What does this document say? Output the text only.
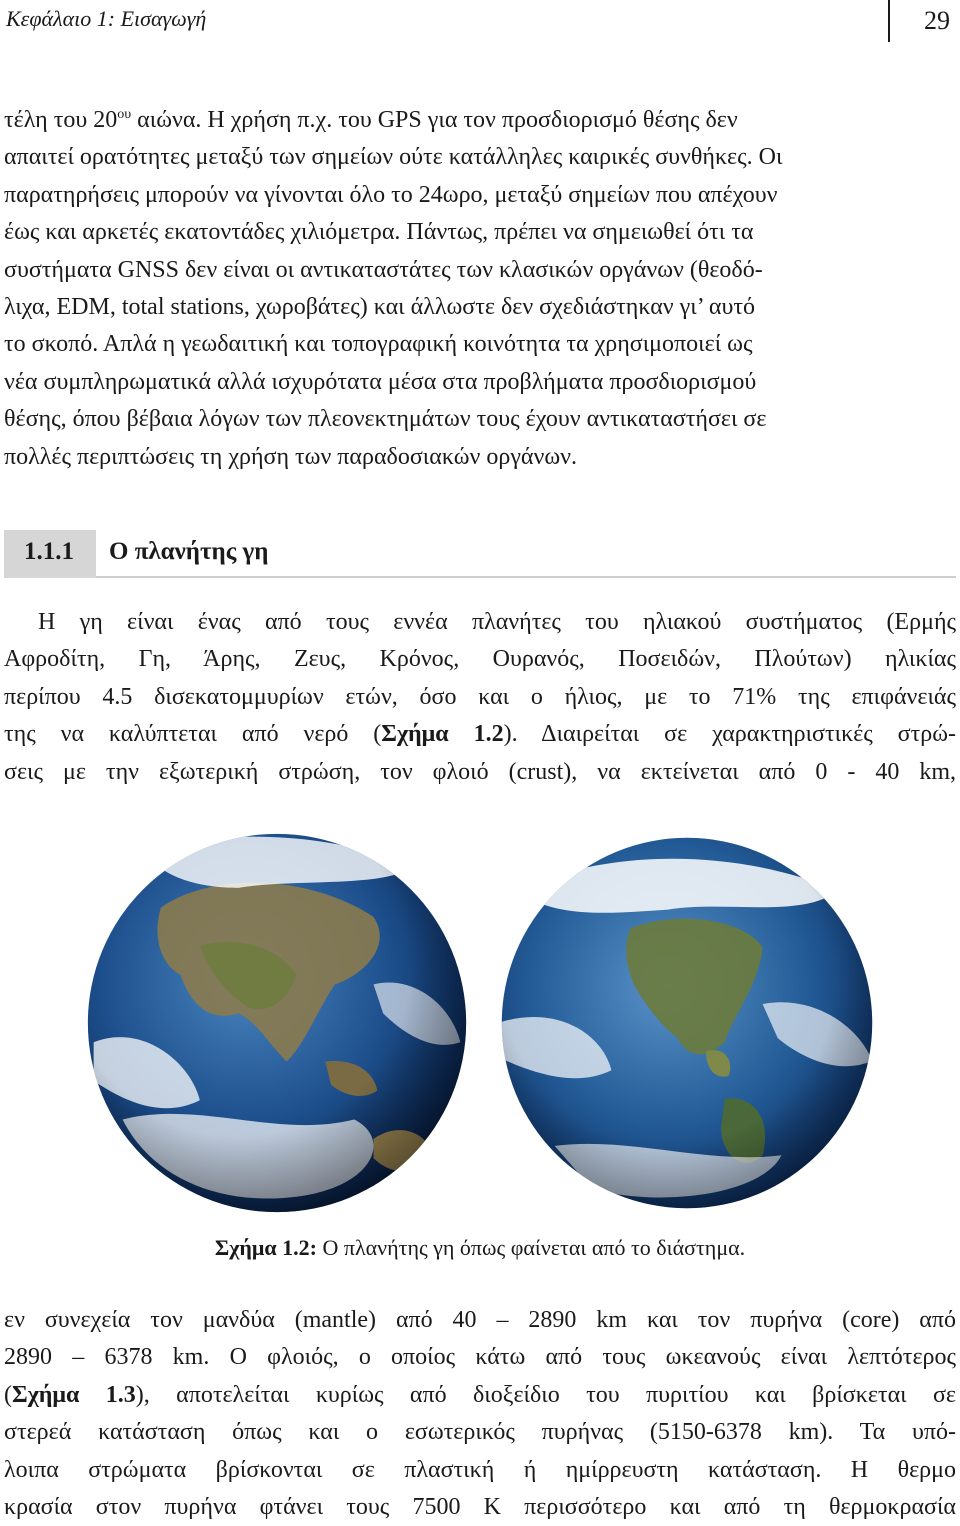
Κεφάλαιο 1: Εισαγωγή	29
τέλη του $20^{o\upsilon}$ αιώνα. Η χρήση π.χ. του GPS για τον προσδιορισμό θέσης δεν
απαιτεί ορατότητες μεταξύ των σημείων ούτε κατάλληλες καιρικές συνθήκες. Οι
παρατηρήσεις μπορούν να γίνονται όλο το 24ωρο, μεταξύ σημείων που απέχουν
έως και αρκετές εκατοντάδες χιλιόμετρα. Πάντως, πρέπει να σημειωθεί ότι τα
συστήματα GNSS δεν είναι οι αντικαταστάτες των κλασικών οργάνων (θεοδό-
λιχα, EDM, total stations, χωροβάτες) και άλλωστε δεν σχεδιάστηκαν γι’ αυτό
το σκοπό. Απλά η γεωδαιτική και τοπογραφική κοινότητα τα χρησιμοποιεί ως
νέα συμπληρωματικά αλλά ισχυρότατα μέσα στα προβλήματα προσδιορισμού
θέσης, όπου βέβαια λόγων των πλεονεκτημάτων τους έχουν αντικαταστήσει σε
πολλές περιπτώσεις τη χρήση των παραδοσιακών οργάνων.
1.1.1 Ο πλανήτης γη
Η γη είναι ένας από τους εννέα πλανήτες του ηλιακού συστήματος (Ερμής
Αφροδίτη, Γη, Άρης, Ζευς, Κρόνος, Ουρανός, Ποσειδών, Πλούτων) ηλικίας
περίπου 4.5 δισεκατομμυρίων ετών, όσο και ο ήλιος, με το 71% της επιφάνειάς
της να καλύπτεται από νερό (Σχήμα 1.2). Διαιρείται σε χαρακτηριστικές στρώ-
σεις με την εξωτερική στρώση, τον φλοιό (crust), να εκτείνεται από 0 - 40 km,
Σχήμα 1.2: Ο πλανήτης γη όπως φαίνεται από το διάστημα.
εν συνεχεία τον μανδύα (mantle) από 40 – 2890 km και τον πυρήνα (core) από
2890 – 6378 km. Ο φλοιός, ο οποίος κάτω από τους ωκεανούς είναι λεπτότερος
(Σχήμα 1.3), αποτελείται κυρίως από διοξείδιο του πυριτίου και βρίσκεται σε
στερεά κατάσταση όπως και ο εσωτερικός πυρήνας (5150-6378 km). Τα υπό-
λοιπα στρώματα βρίσκονται σε πλαστική ή ημίρρευστη κατάσταση. Η θερμο
κρασία στον πυρήνα φτάνει τους 7500 Κ περισσότερο και από τη θερμοκρασία
